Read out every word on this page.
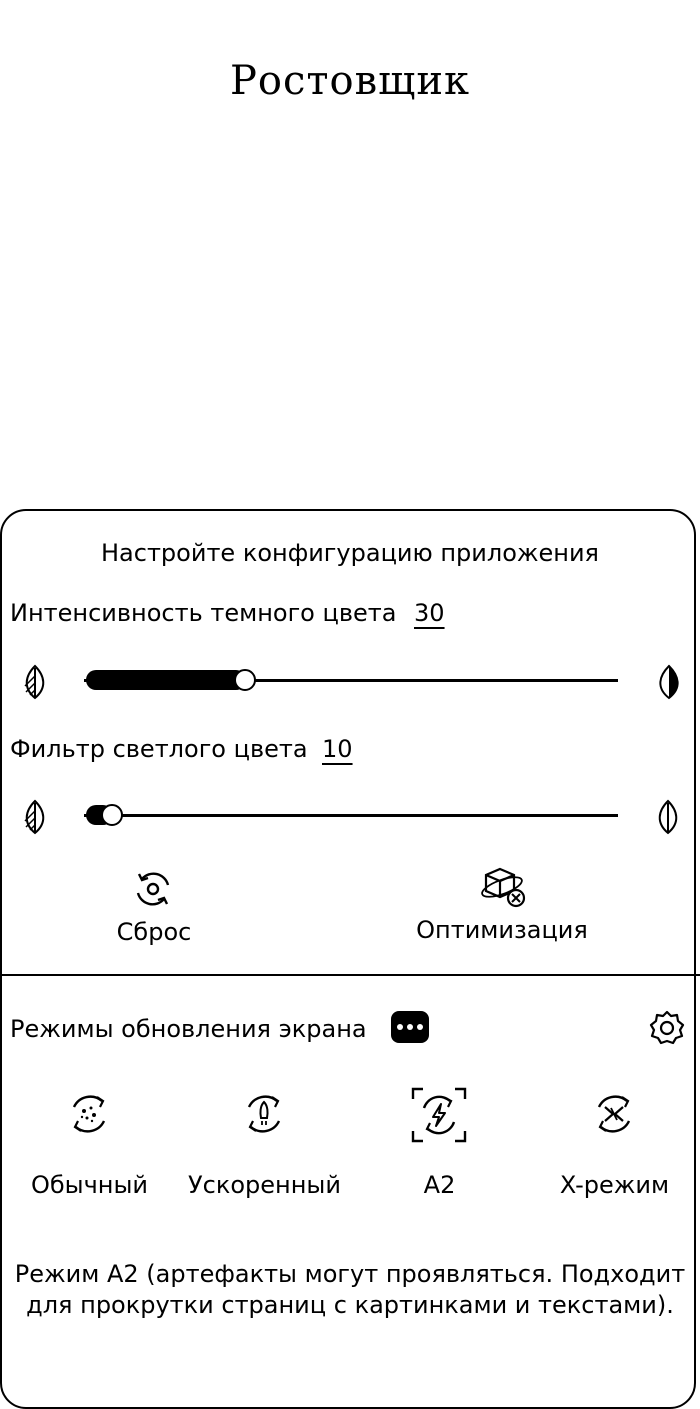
Ростовщик
Настройте конфигурацию приложения
Интенсивность темного цвета 30
Фильтр светлого цвета 10
Сброс	Оптимизация
Режимы обновления экрана
Обычный	Ускоренный	A2	X-режим
Режим A2 (артефакты могут проявляться. Подходит для прокрутки страниц с картинками и текстами).
